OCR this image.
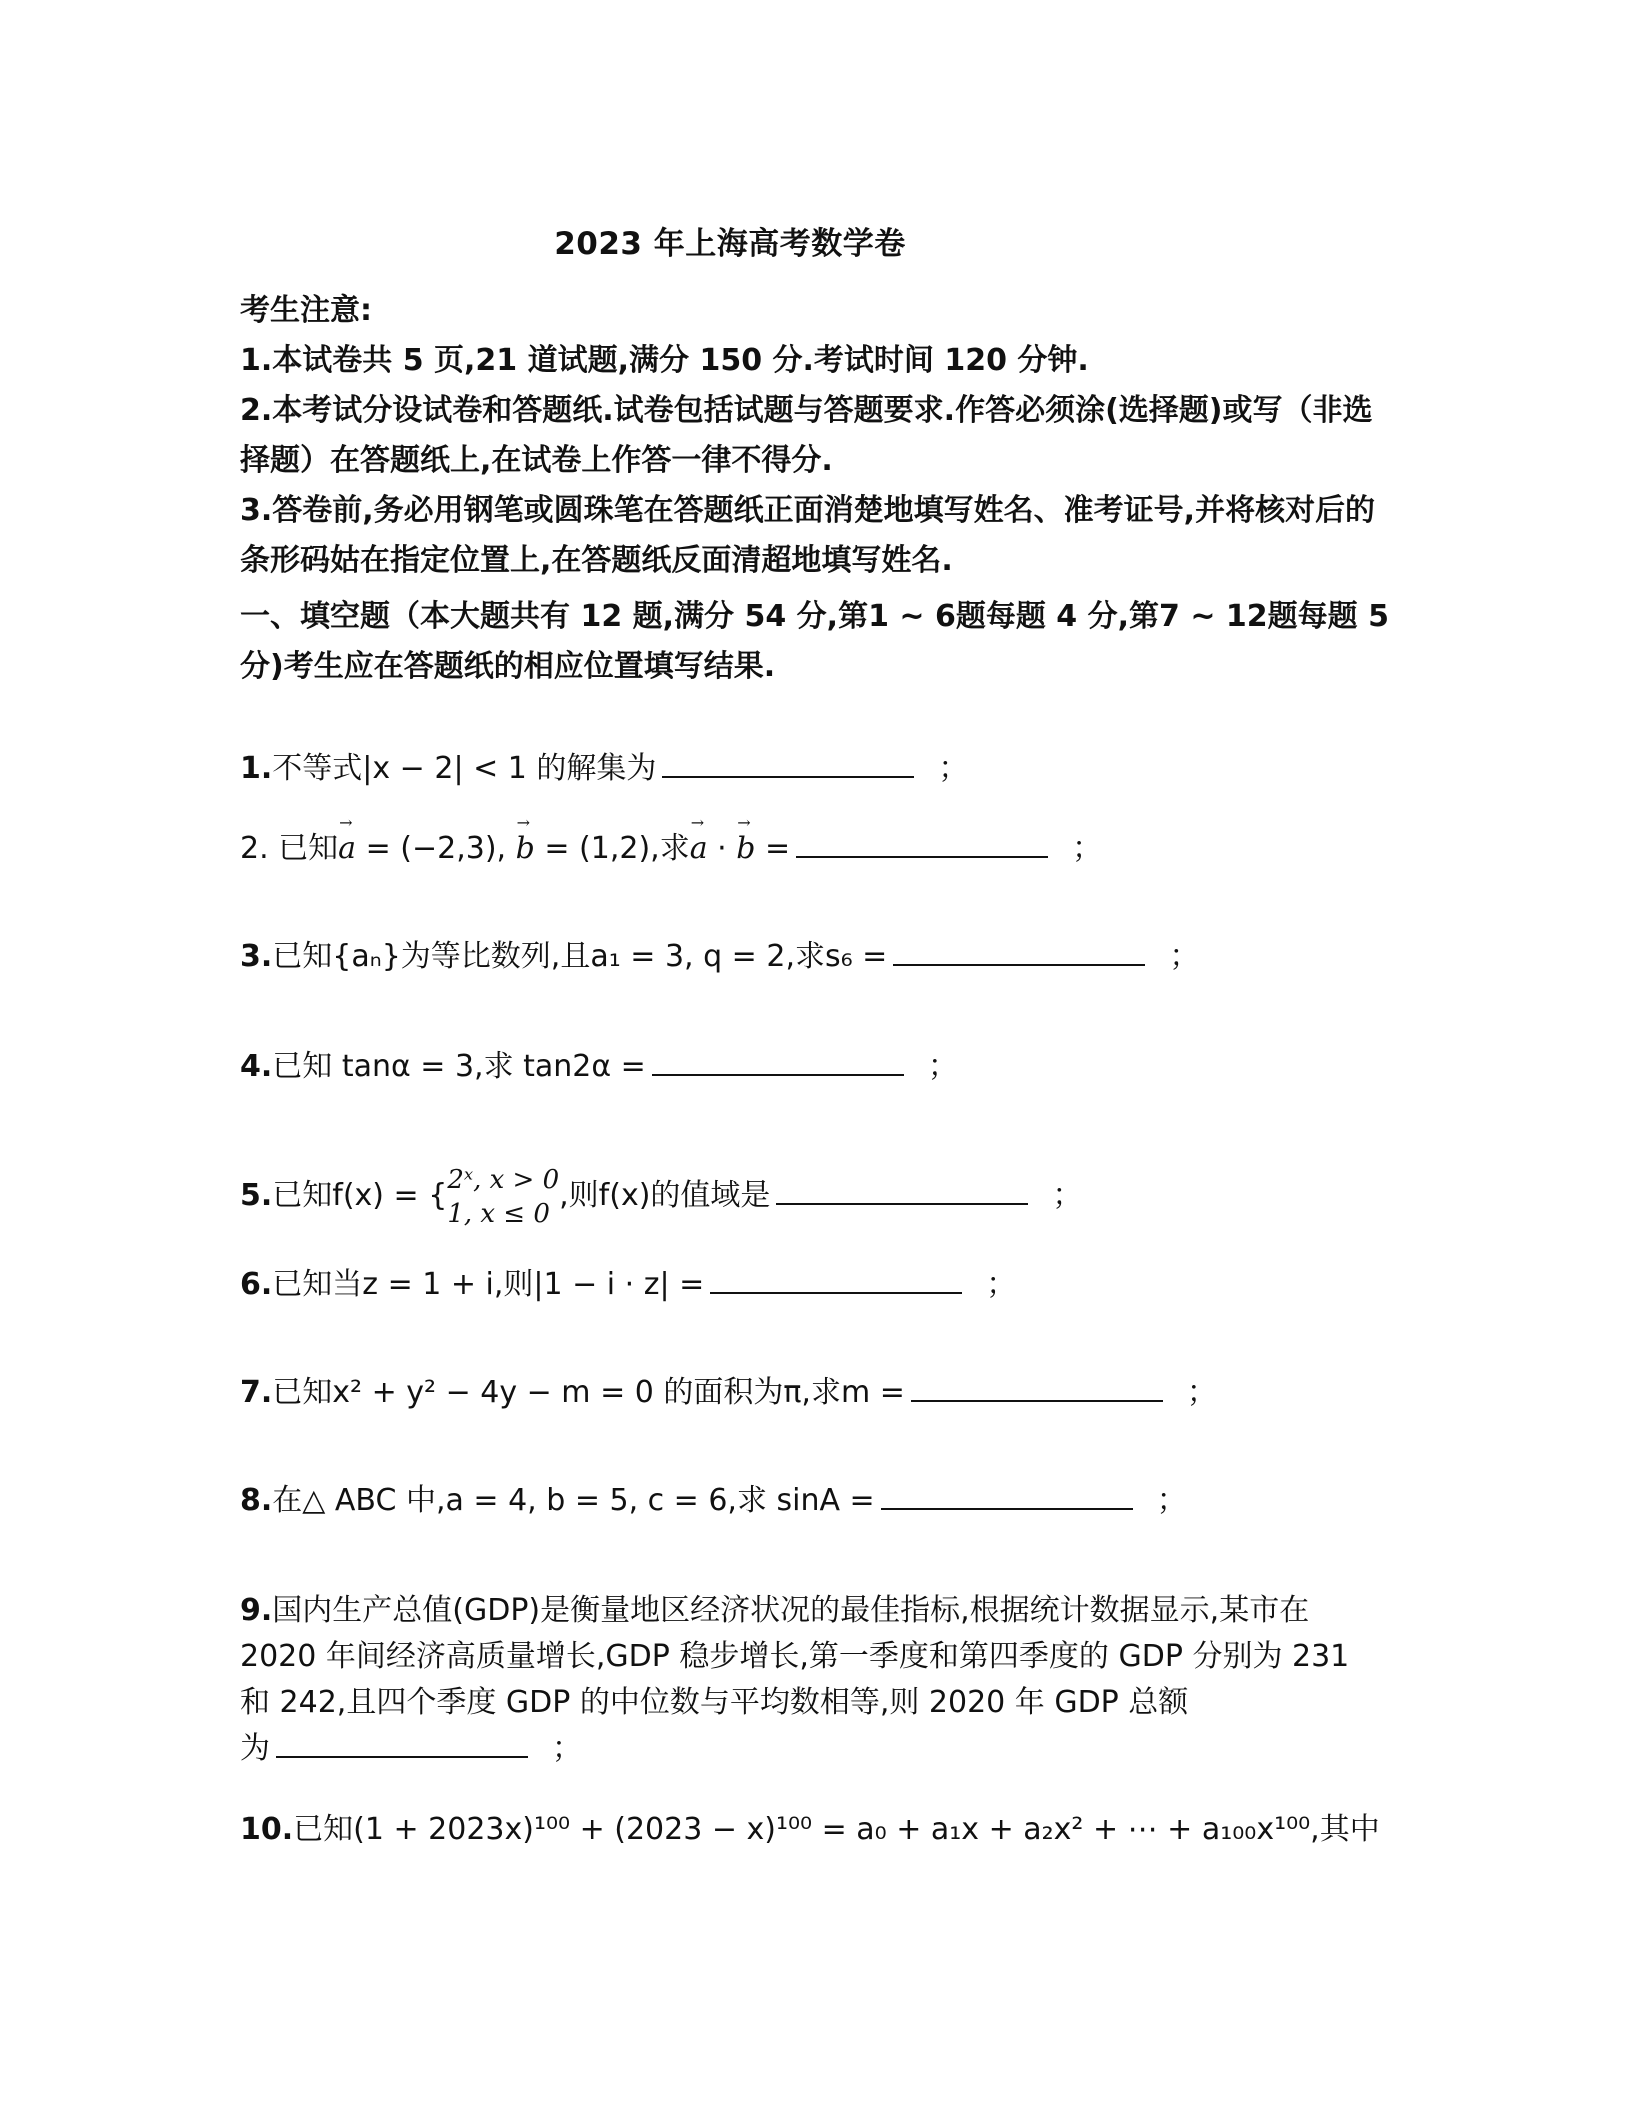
2023 年上海高考数学卷

考生注意:

1.本试卷共 5 页,21 道试题,满分 150 分.考试时间 120 分钟.

2.本考试分设试卷和答题纸.试卷包括试题与答题要求.作答必须涂(选择题)或写（非选择题）在答题纸上,在试卷上作答一律不得分.

3.答卷前,务必用钢笔或圆珠笔在答题纸正面消楚地填写姓名、准考证号,并将核对后的条形码姑在指定位置上,在答题纸反面清超地填写姓名.

一、填空题（本大题共有 12 题,满分 54 分,第1 ~ 6题每题 4 分,第7 ~ 12题每题 5 分)考生应在答题纸的相应位置填写结果.
1.不等式|x − 2| < 1 的解集为	；
2. 已知→ a = (−2,3), → b = (1,2),求→ a · → b =	；
3.已知{aₙ}为等比数列,且a₁ = 3, q = 2,求s₆ =	；
4.已知 tanα = 3,求 tan2α =	；
5.已知f(x) = { 2ˣ, x > 0
1, x ≤ 0
,则f(x)的值域是	；
6.已知当z = 1 + i,则|1 − i · z| =	；
7.已知x² + y² − 4y − m = 0 的面积为π,求m =	；
8.在△ ABC 中,a = 4, b = 5, c = 6,求 sinA =	；
9.国内生产总值(GDP)是衡量地区经济状况的最佳指标,根据统计数据显示,某市在
2020 年间经济高质量增长,GDP 稳步增长,第一季度和第四季度的 GDP 分别为 231
和 242,且四个季度 GDP 的中位数与平均数相等,则 2020 年 GDP 总额
为	；
10.已知(1 + 2023x)¹⁰⁰ + (2023 − x)¹⁰⁰ = a₀ + a₁x + a₂x² + ⋯ + a₁₀₀x¹⁰⁰,其中
